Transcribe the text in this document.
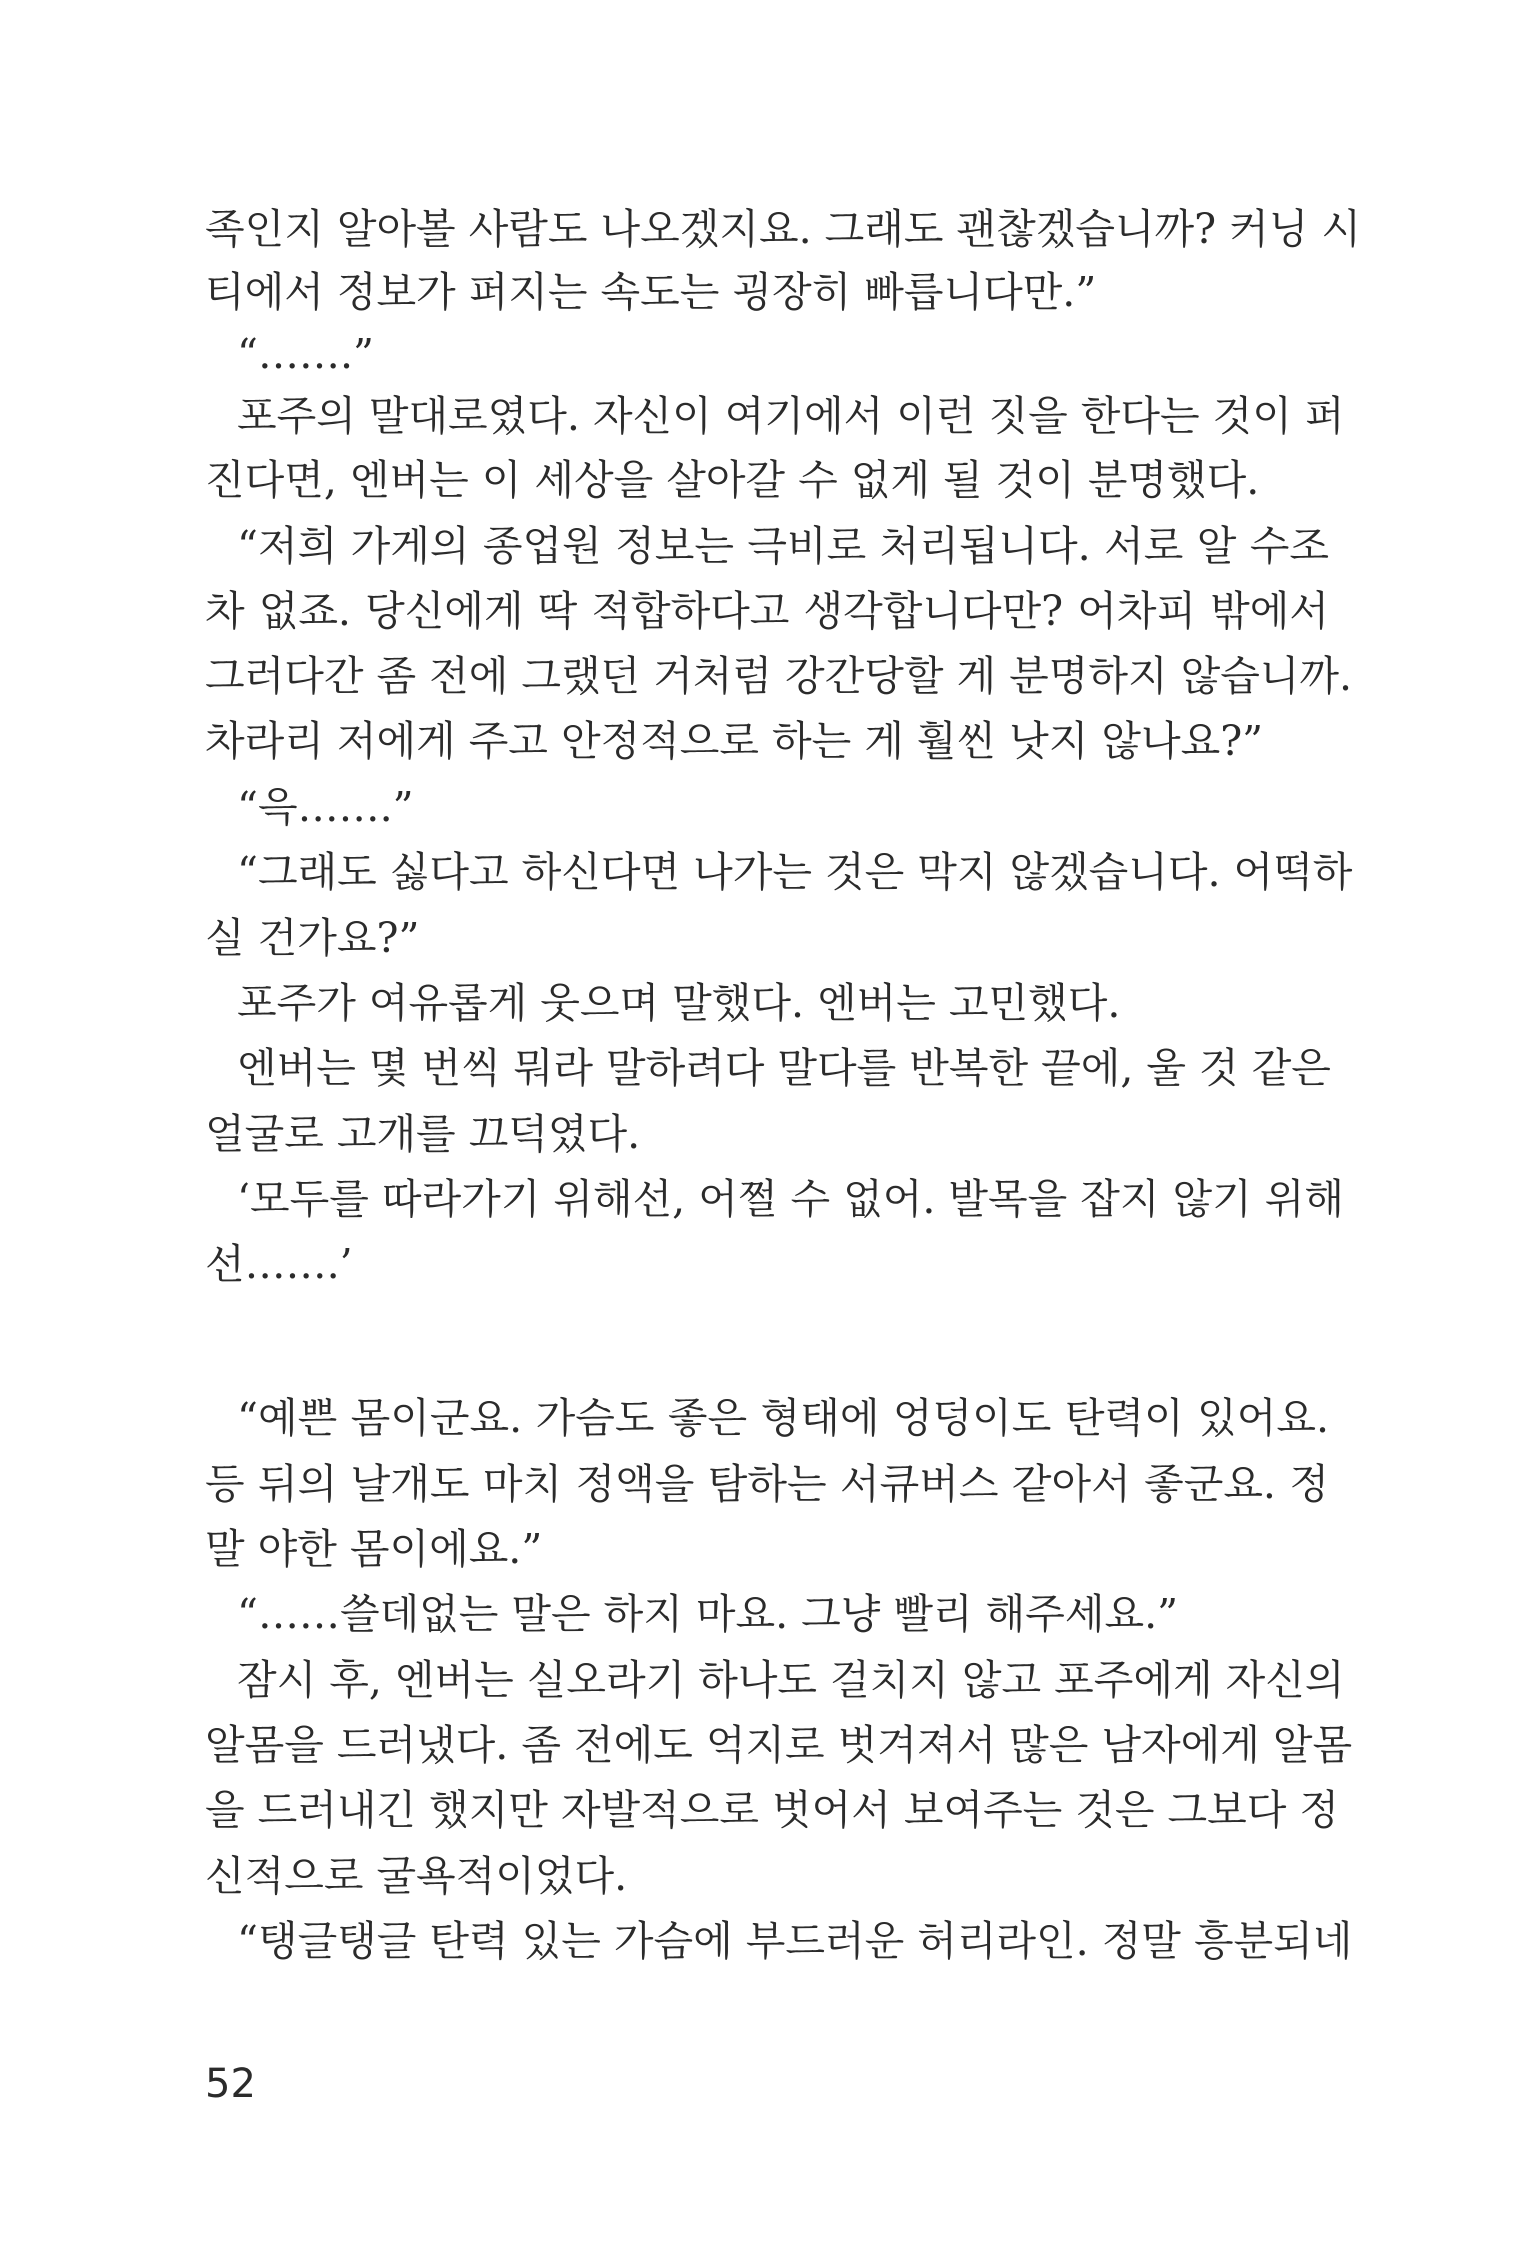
족인지 알아볼 사람도 나오겠지요. 그래도 괜찮겠습니까? 커닝 시
티에서 정보가 퍼지는 속도는 굉장히 빠릅니다만.”
“…….”
포주의 말대로였다. 자신이 여기에서 이런 짓을 한다는 것이 퍼
진다면, 엔버는 이 세상을 살아갈 수 없게 될 것이 분명했다.
“저희 가게의 종업원 정보는 극비로 처리됩니다. 서로 알 수조
차 없죠. 당신에게 딱 적합하다고 생각합니다만? 어차피 밖에서
그러다간 좀 전에 그랬던 거처럼 강간당할 게 분명하지 않습니까.
차라리 저에게 주고 안정적으로 하는 게 훨씬 낫지 않나요?”
“윽…….”
“그래도 싫다고 하신다면 나가는 것은 막지 않겠습니다. 어떡하
실 건가요?”
포주가 여유롭게 웃으며 말했다. 엔버는 고민했다.
엔버는 몇 번씩 뭐라 말하려다 말다를 반복한 끝에, 울 것 같은
얼굴로 고개를 끄덕였다.
‘모두를 따라가기 위해선, 어쩔 수 없어. 발목을 잡지 않기 위해
선…….’
“예쁜 몸이군요. 가슴도 좋은 형태에 엉덩이도 탄력이 있어요.
등 뒤의 날개도 마치 정액을 탐하는 서큐버스 같아서 좋군요. 정
말 야한 몸이에요.”
“……쓸데없는 말은 하지 마요. 그냥 빨리 해주세요.”
잠시 후, 엔버는 실오라기 하나도 걸치지 않고 포주에게 자신의
알몸을 드러냈다. 좀 전에도 억지로 벗겨져서 많은 남자에게 알몸
을 드러내긴 했지만 자발적으로 벗어서 보여주는 것은 그보다 정
신적으로 굴욕적이었다.
“탱글탱글 탄력 있는 가슴에 부드러운 허리라인. 정말 흥분되네
52
